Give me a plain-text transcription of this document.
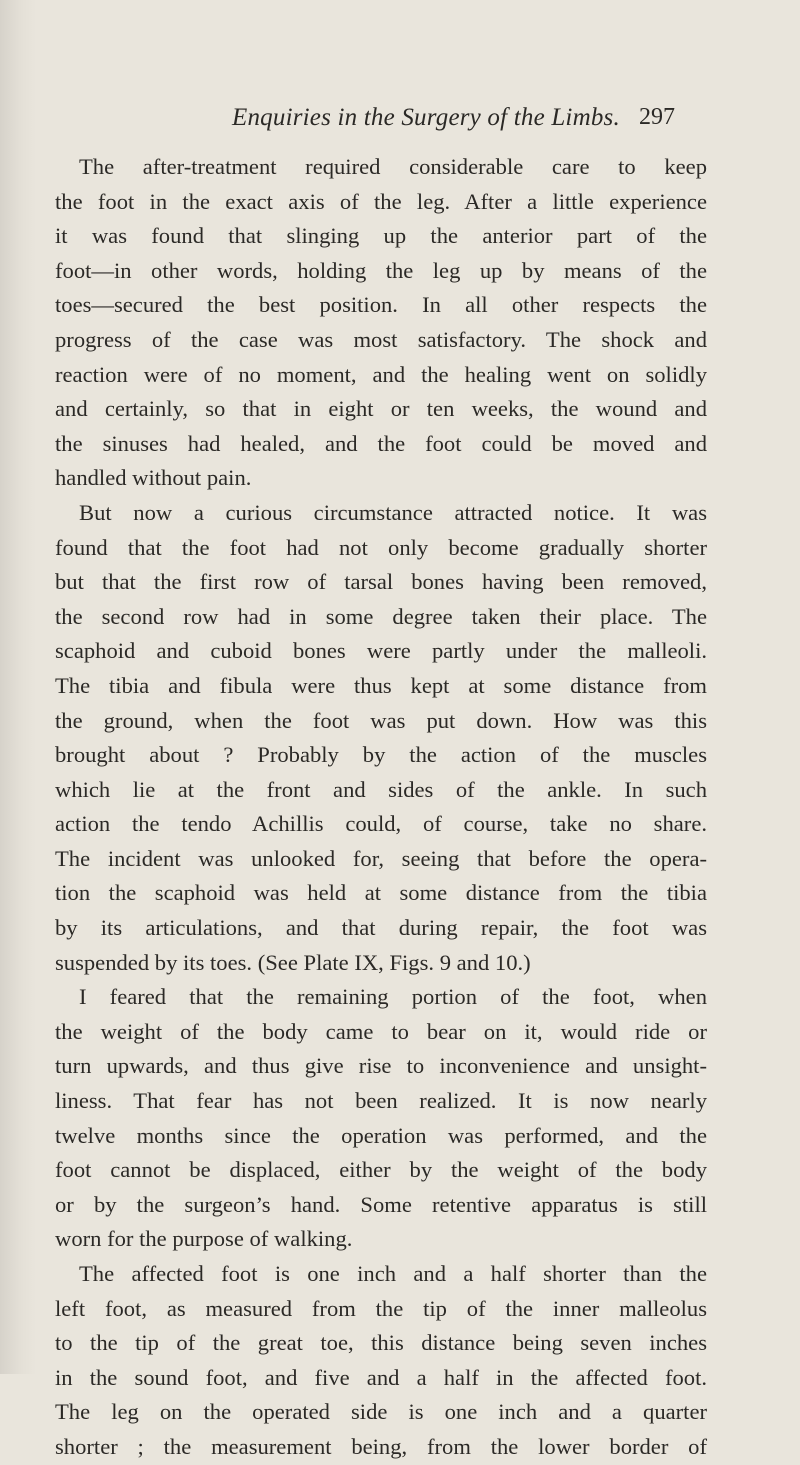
Enquiries in the Surgery of the Limbs. 297
The after-treatment required considerable care to keep
the foot in the exact axis of the leg. After a little experience
it was found that slinging up the anterior part of the
foot—in other words, holding the leg up by means of the
toes—secured the best position. In all other respects the
progress of the case was most satisfactory. The shock and
reaction were of no moment, and the healing went on solidly
and certainly, so that in eight or ten weeks, the wound and
the sinuses had healed, and the foot could be moved and
handled without pain.
But now a curious circumstance attracted notice. It was
found that the foot had not only become gradually shorter
but that the first row of tarsal bones having been removed,
the second row had in some degree taken their place. The
scaphoid and cuboid bones were partly under the malleoli.
The tibia and fibula were thus kept at some distance from
the ground, when the foot was put down. How was this
brought about ? Probably by the action of the muscles
which lie at the front and sides of the ankle. In such
action the tendo Achillis could, of course, take no share.
The incident was unlooked for, seeing that before the opera-
tion the scaphoid was held at some distance from the tibia
by its articulations, and that during repair, the foot was
suspended by its toes. (See Plate IX, Figs. 9 and 10.)
I feared that the remaining portion of the foot, when
the weight of the body came to bear on it, would ride or
turn upwards, and thus give rise to inconvenience and unsight-
liness. That fear has not been realized. It is now nearly
twelve months since the operation was performed, and the
foot cannot be displaced, either by the weight of the body
or by the surgeon’s hand. Some retentive apparatus is still
worn for the purpose of walking.
The affected foot is one inch and a half shorter than the
left foot, as measured from the tip of the inner malleolus
to the tip of the great toe, this distance being seven inches
in the sound foot, and five and a half in the affected foot.
The leg on the operated side is one inch and a quarter
shorter ; the measurement being, from the lower border of
